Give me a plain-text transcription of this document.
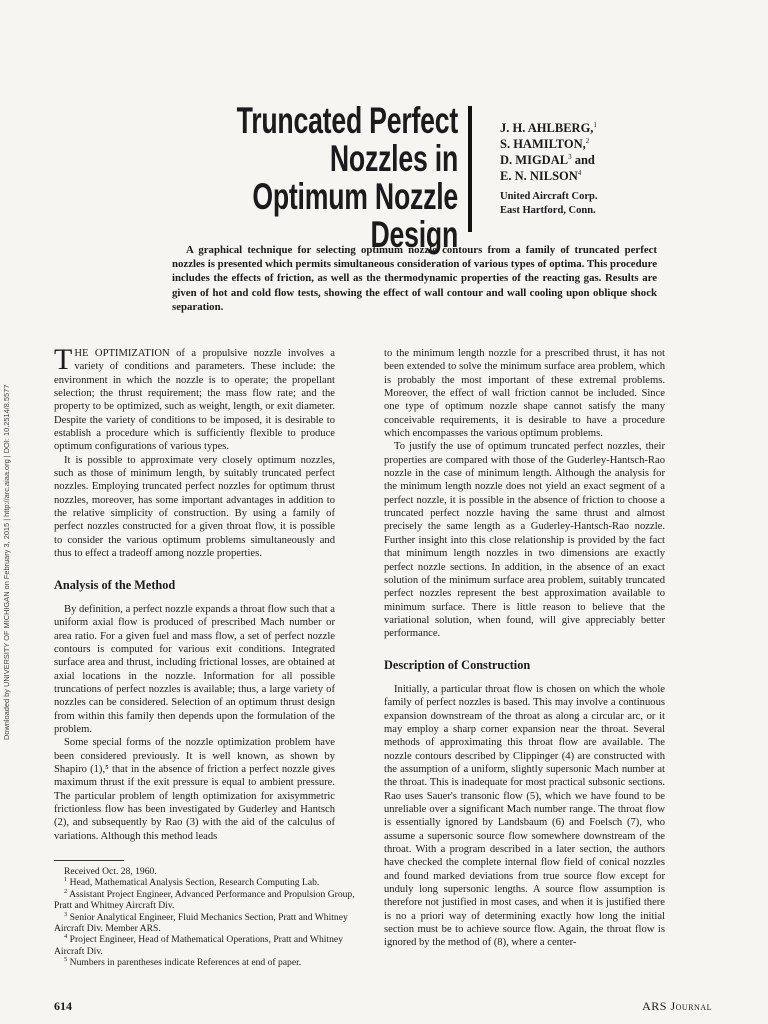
Downloaded by UNIVERSITY OF MICHIGAN on February 3, 2015 | http://arc.aiaa.org | DOI: 10.2514/8.5577
Truncated Perfect Nozzles in
Optimum Nozzle Design
J. H. AHLBERG,$^1$
S. HAMILTON,$^2$
D. MIGDAL$^3$ and
E. N. NILSON$^4$
United Aircraft Corp.
East Hartford, Conn.
A graphical technique for selecting optimum nozzle contours from a family of truncated perfect nozzles is presented which permits simultaneous consideration of various types of optima. This procedure includes the effects of friction, as well as the thermodynamic properties of the reacting gas. Results are given of hot and cold flow tests, showing the effect of wall contour and wall cooling upon oblique shock separation.

THE OPTIMIZATION of a propulsive nozzle involves a variety of conditions and parameters. These include: the environment in which the nozzle is to operate; the propellant selection; the thrust requirement; the mass flow rate; and the property to be optimized, such as weight, length, or exit diameter. Despite the variety of conditions to be imposed, it is desirable to establish a procedure which is sufficiently flexible to produce optimum configurations of various types.

It is possible to approximate very closely optimum nozzles, such as those of minimum length, by suitably truncated perfect nozzles. Employing truncated perfect nozzles for optimum thrust nozzles, moreover, has some important advantages in addition to the relative simplicity of construction. By using a family of perfect nozzles constructed for a given throat flow, it is possible to consider the various optimum problems simultaneously and thus to effect a tradeoff among nozzle properties.

Analysis of the Method

By definition, a perfect nozzle expands a throat flow such that a uniform axial flow is produced of prescribed Mach number or area ratio. For a given fuel and mass flow, a set of perfect nozzle contours is computed for various exit conditions. Integrated surface area and thrust, including frictional losses, are obtained at axial locations in the nozzle. Information for all possible truncations of perfect nozzles is available; thus, a large variety of nozzles can be considered. Selection of an optimum thrust design from within this family then depends upon the formulation of the problem.

Some special forms of the nozzle optimization problem have been considered previously. It is well known, as shown by Shapiro (1),⁵ that in the absence of friction a perfect nozzle gives maximum thrust if the exit pressure is equal to ambient pressure. The particular problem of length optimization for axisymmetric frictionless flow has been investigated by Guderley and Hantsch (2), and subsequently by Rao (3) with the aid of the calculus of variations. Although this method leads

to the minimum length nozzle for a prescribed thrust, it has not been extended to solve the minimum surface area problem, which is probably the most important of these extremal problems. Moreover, the effect of wall friction cannot be included. Since one type of optimum nozzle shape cannot satisfy the many conceivable requirements, it is desirable to have a procedure which encompasses the various optimum problems.

To justify the use of optimum truncated perfect nozzles, their properties are compared with those of the Guderley-Hantsch-Rao nozzle in the case of minimum length. Although the analysis for the minimum length nozzle does not yield an exact segment of a perfect nozzle, it is possible in the absence of friction to choose a truncated perfect nozzle having the same thrust and almost precisely the same length as a Guderley-Hantsch-Rao nozzle. Further insight into this close relationship is provided by the fact that minimum length nozzles in two dimensions are exactly perfect nozzle sections. In addition, in the absence of an exact solution of the minimum surface area problem, suitably truncated perfect nozzles represent the best approximation available to minimum surface. There is little reason to believe that the variational solution, when found, will give appreciably better performance.

Description of Construction

Initially, a particular throat flow is chosen on which the whole family of perfect nozzles is based. This may involve a continuous expansion downstream of the throat as along a circular arc, or it may employ a sharp corner expansion near the throat. Several methods of approximating this throat flow are available. The nozzle contours described by Clippinger (4) are constructed with the assumption of a uniform, slightly supersonic Mach number at the throat. This is inadequate for most practical subsonic sections. Rao uses Sauer's transonic flow (5), which we have found to be unreliable over a significant Mach number range. The throat flow is essentially ignored by Landsbaum (6) and Foelsch (7), who assume a supersonic source flow somewhere downstream of the throat. With a program described in a later section, the authors have checked the complete internal flow field of conical nozzles and found marked deviations from true source flow except for unduly long supersonic lengths. A source flow assumption is therefore not justified in most cases, and when it is justified there is no a priori way of determining exactly how long the initial section must be to achieve source flow. Again, the throat flow is ignored by the method of (8), where a center-

Received Oct. 28, 1960.
$^1$ Head, Mathematical Analysis Section, Research Computing Lab.
$^2$ Assistant Project Engineer, Advanced Performance and Propulsion Group, Pratt and Whitney Aircraft Div.
$^3$ Senior Analytical Engineer, Fluid Mechanics Section, Pratt and Whitney Aircraft Div. Member ARS.
$^4$ Project Engineer, Head of Mathematical Operations, Pratt and Whitney Aircraft Div.
$^5$ Numbers in parentheses indicate References at end of paper.
614	ARS Journal
